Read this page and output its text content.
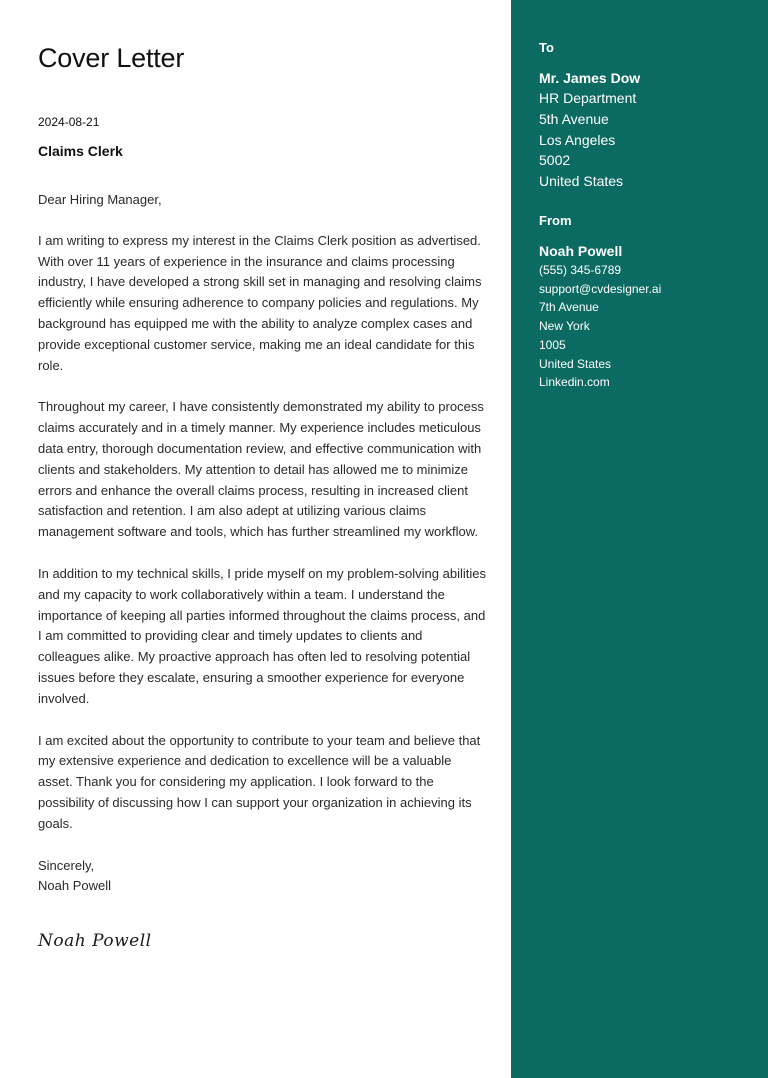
Cover Letter
2024-08-21
Claims Clerk

Dear Hiring Manager,

I am writing to express my interest in the Claims Clerk position as advertised. With over 11 years of experience in the insurance and claims processing industry, I have developed a strong skill set in managing and resolving claims efficiently while ensuring adherence to company policies and regulations. My background has equipped me with the ability to analyze complex cases and provide exceptional customer service, making me an ideal candidate for this role.

Throughout my career, I have consistently demonstrated my ability to process claims accurately and in a timely manner. My experience includes meticulous data entry, thorough documentation review, and effective communication with clients and stakeholders. My attention to detail has allowed me to minimize errors and enhance the overall claims process, resulting in increased client satisfaction and retention. I am also adept at utilizing various claims management software and tools, which has further streamlined my workflow.

In addition to my technical skills, I pride myself on my problem-solving abilities and my capacity to work collaboratively within a team. I understand the importance of keeping all parties informed throughout the claims process, and I am committed to providing clear and timely updates to clients and colleagues alike. My proactive approach has often led to resolving potential issues before they escalate, ensuring a smoother experience for everyone involved.

I am excited about the opportunity to contribute to your team and believe that my extensive experience and dedication to excellence will be a valuable asset. Thank you for considering my application. I look forward to the possibility of discussing how I can support your organization in achieving its goals.

Sincerely,
Noah Powell
Noah Powell
To
Mr. James Dow
HR Department
5th Avenue
Los Angeles
5002
United States
From
Noah Powell
(555) 345-6789
support@cvdesigner.ai
7th Avenue
New York
1005
United States
Linkedin.com
